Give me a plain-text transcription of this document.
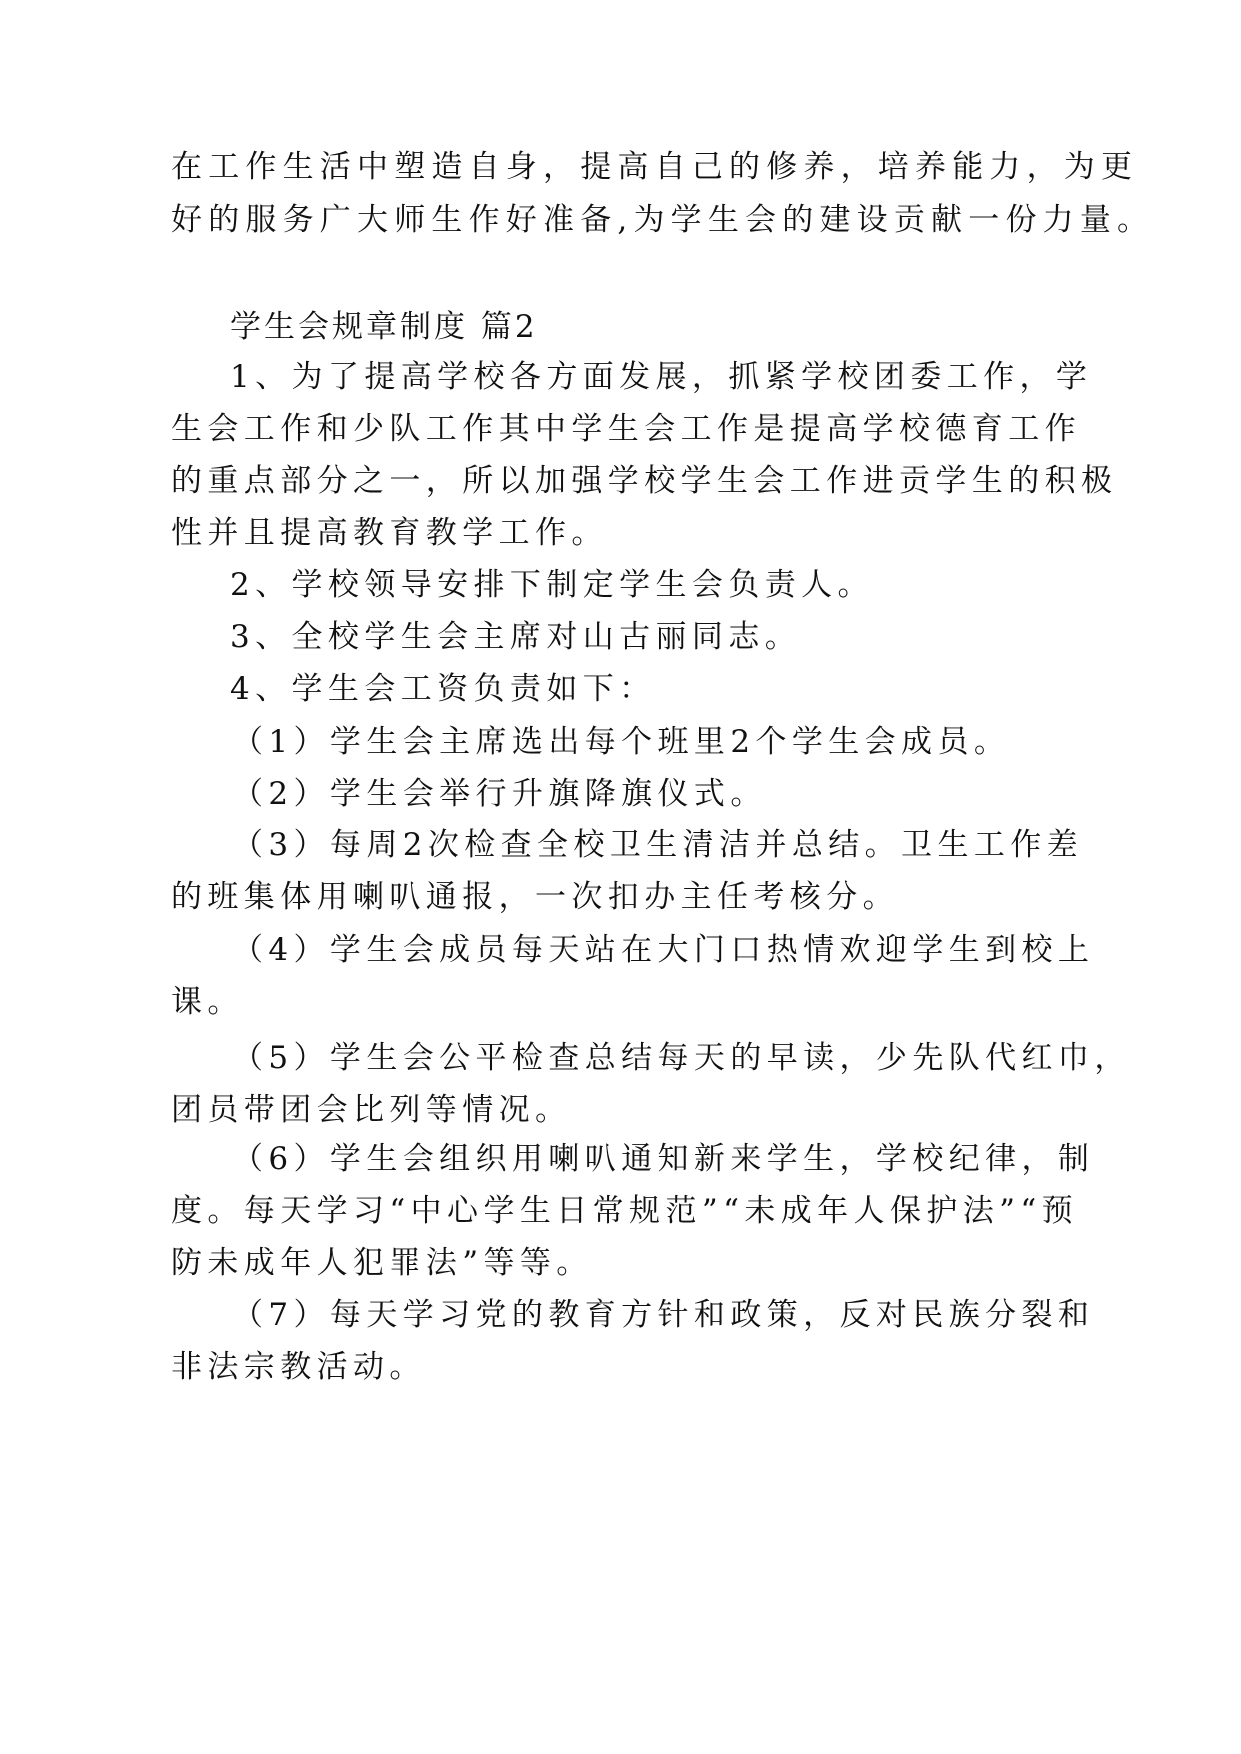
在工作生活中塑造自身，提高自己的修养，培养能力，为更
好的服务广大师生作好准备,为学生会的建设贡献一份力量。
学生会规章制度 篇2
1、为了提高学校各方面发展，抓紧学校团委工作，学
生会工作和少队工作其中学生会工作是提高学校德育工作
的重点部分之一，所以加强学校学生会工作进贡学生的积极
性并且提高教育教学工作。
2、学校领导安排下制定学生会负责人。
3、全校学生会主席对山古丽同志。
4、学生会工资负责如下：
（1）学生会主席选出每个班里2个学生会成员。
（2）学生会举行升旗降旗仪式。
（3）每周2次检查全校卫生清洁并总结。卫生工作差
的班集体用喇叭通报，一次扣办主任考核分。
（4）学生会成员每天站在大门口热情欢迎学生到校上
课。
（5）学生会公平检查总结每天的早读，少先队代红巾，
团员带团会比列等情况。
（6）学生会组织用喇叭通知新来学生，学校纪律，制
度。每天学习“中心学生日常规范”“未成年人保护法”“预
防未成年人犯罪法”等等。
（7）每天学习党的教育方针和政策，反对民族分裂和
非法宗教活动。
